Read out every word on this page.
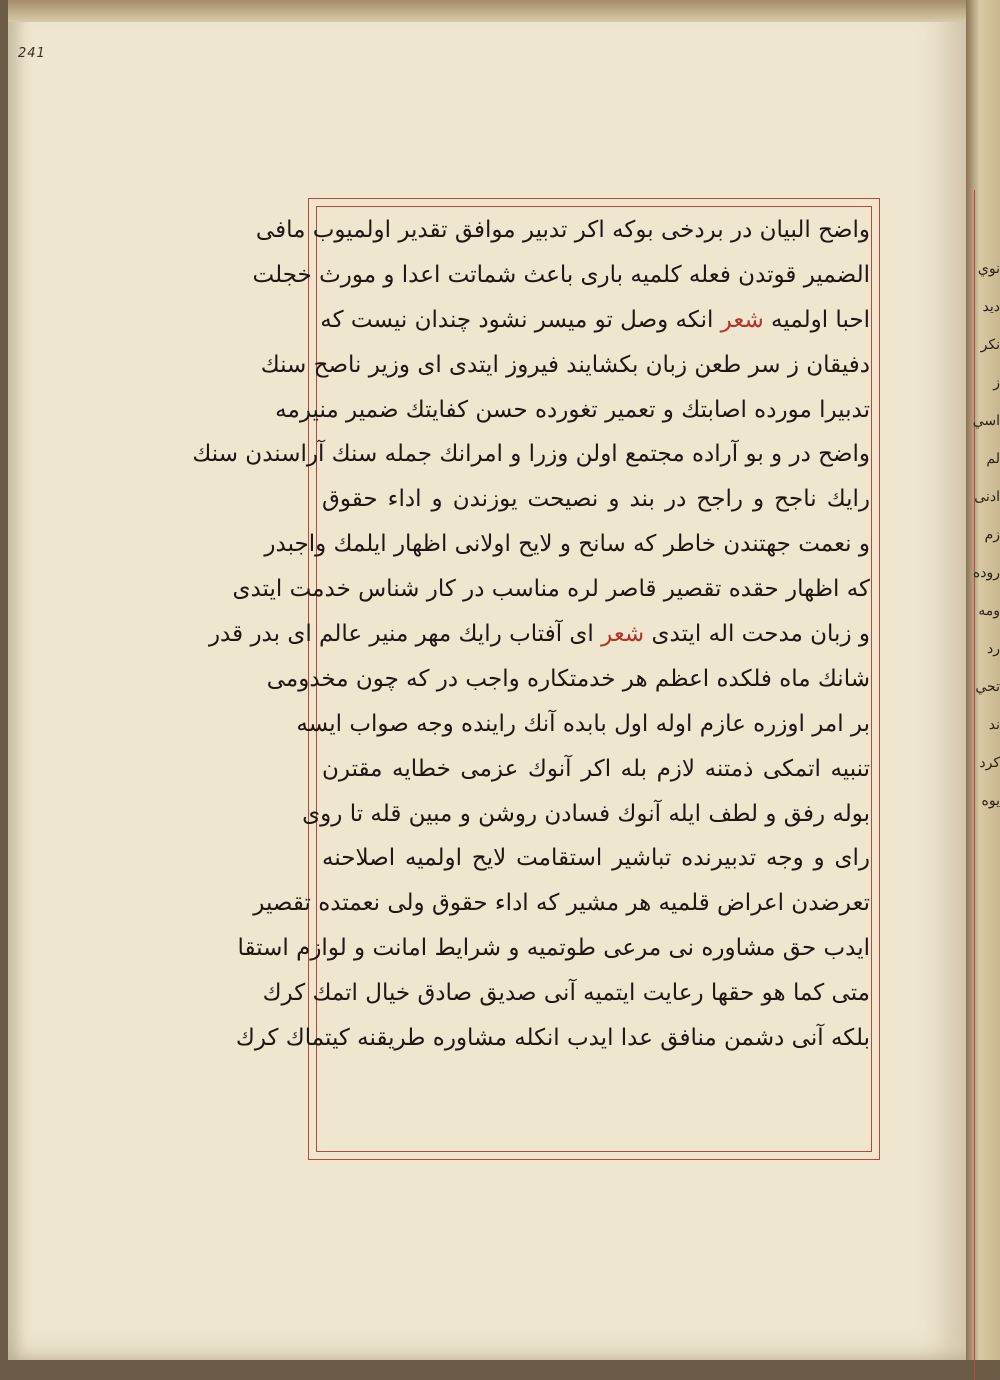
241
واضح البیان در بردخی بوکه اکر تدبیر موافق تقدیر اولمیوب مافی
الضمیر قوتدن فعله کلمیه باری باعث شماتت اعدا و مورث خجلت
احبا اولمیه شعر انکه وصل تو میسر نشود چندان نیست که
دفیقان ز سر طعن زبان بکشایند فیروز ایتدی ای وزیر ناصح سنك
تدبیرا مورده اصابتك و تعمیر تغورده حسن کفایتك ضمیر منیرمه
واضح در و بو آراده مجتمع اولن وزرا و امرانك جمله سنك آراسندن سنك
رایك ناجح و راجح در بند و نصیحت یوزندن و اداء حقوق
و نعمت جهتندن خاطر که سانح و لایح اولانی اظهار ایلمك واجبدر
که اظهار حقده تقصیر قاصر لره مناسب در کار شناس خدمت ایتدی
و زبان مدحت اله ایتدی شعر ای آفتاب رایك مهر منیر عالم ای بدر قدر
شانك ماه فلکده اعظم هر خدمتکاره واجب در که چون مخدومی
بر امر اوزره عازم اوله اول بابده آنك راینده وجه صواب ایسه
تنبیه اتمکی ذمتنه لازم بله اکر آنوك عزمی خطایه مقترن
بوله رفق و لطف ایله آنوك فسادن روشن و مبین قله تا روی
رای و وجه تدبیرنده تباشیر استقامت لایح اولمیه اصلاحنه
تعرضدن اعراض قلمیه هر مشیر که اداء حقوق ولی نعمتده تقصیر
ایدب حق مشاوره نی مرعی طوتمیه و شرایط امانت و لوازم استقا
متی کما هو حقها رعایت ایتمیه آنی صدیق صادق خیال اتمك کرك
بلکه آنی دشمن منافق عدا ایدب انکله مشاوره طریقنه کیتماك کرك
نوي
ديد
نكر
ز اسي
لم
ادنى
زم
روده
ومه
رد
تحي
ند
كرد
يوه
